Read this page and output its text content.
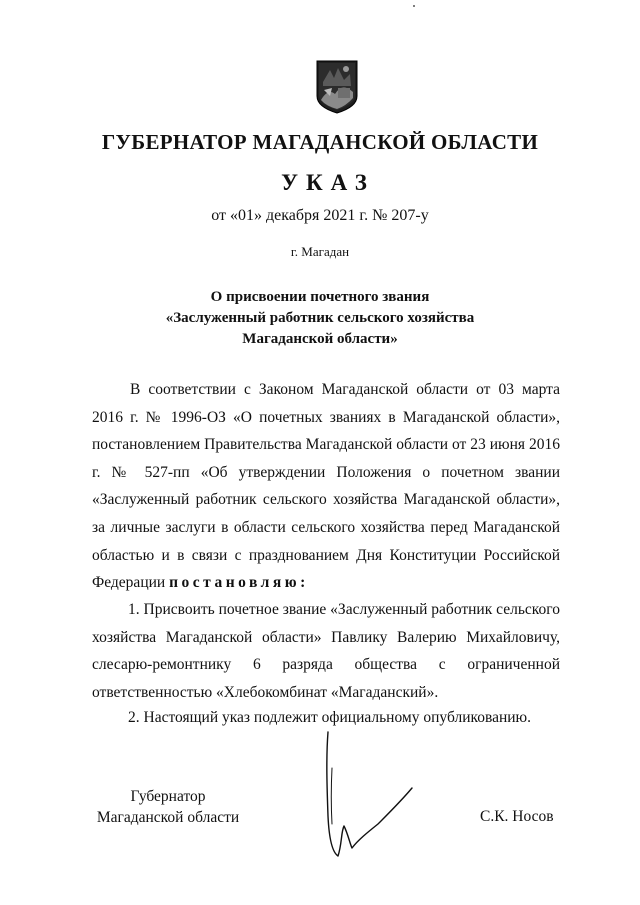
ГУБЕРНАТОР МАГАДАНСКОЙ ОБЛАСТИ
УКАЗ
от «01» декабря 2021 г. № 207-у
г. Магадан
О присвоении почетного звания
«Заслуженный работник сельского хозяйства
Магаданской области»
В соответствии с Законом Магаданской области от 03 марта 2016 г. № 1996-ОЗ «О почетных званиях в Магаданской области», постановлением Правительства Магаданской области от 23 июня 2016 г. № 527-пп «Об утверждении Положения о почетном звании «Заслуженный работник сельского хозяйства Магаданской области», за личные заслуги в области сельского хозяйства перед Магаданской областью и в связи с празднованием Дня Конституции Российской Федерации постановляю:
1. Присвоить почетное звание «Заслуженный работник сельского хозяйства Магаданской области» Павлику Валерию Михайловичу, слесарю-ремонтнику 6 разряда общества с ограниченной ответственностью «Хлебокомбинат «Магаданский».
2. Настоящий указ подлежит официальному опубликованию.
Губернатор
Магаданской области	С.К. Носов
